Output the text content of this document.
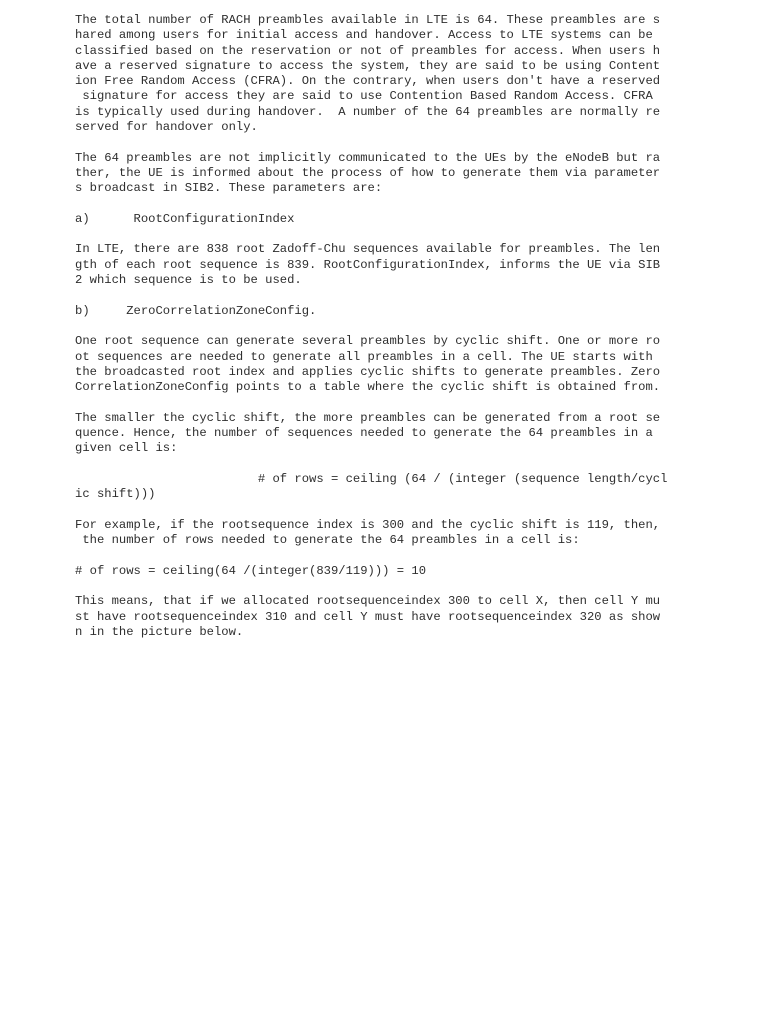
The total number of RACH preambles available in LTE is 64. These preambles are s
hared among users for initial access and handover. Access to LTE systems can be
classified based on the reservation or not of preambles for access. When users h
ave a reserved signature to access the system, they are said to be using Content
ion Free Random Access (CFRA). On the contrary, when users don't have a reserved
signature for access they are said to use Contention Based Random Access. CFRA
is typically used during handover.  A number of the 64 preambles are normally re
served for handover only.
The 64 preambles are not implicitly communicated to the UEs by the eNodeB but ra
ther, the UE is informed about the process of how to generate them via parameter
s broadcast in SIB2. These parameters are:
a)      RootConfigurationIndex
In LTE, there are 838 root Zadoff-Chu sequences available for preambles. The len
gth of each root sequence is 839. RootConfigurationIndex, informs the UE via SIB
2 which sequence is to be used.
b)     ZeroCorrelationZoneConfig.
One root sequence can generate several preambles by cyclic shift. One or more ro
ot sequences are needed to generate all preambles in a cell. The UE starts with
the broadcasted root index and applies cyclic shifts to generate preambles. Zero
CorrelationZoneConfig points to a table where the cyclic shift is obtained from.
The smaller the cyclic shift, the more preambles can be generated from a root se
quence. Hence, the number of sequences needed to generate the 64 preambles in a
given cell is:
# of rows = ceiling (64 / (integer (sequence length/cycl
ic shift)))
For example, if the rootsequence index is 300 and the cyclic shift is 119, then,
the number of rows needed to generate the 64 preambles in a cell is:
# of rows = ceiling(64 /(integer(839/119))) = 10
This means, that if we allocated rootsequenceindex 300 to cell X, then cell Y mu
st have rootsequenceindex 310 and cell Y must have rootsequenceindex 320 as show
n in the picture below.
